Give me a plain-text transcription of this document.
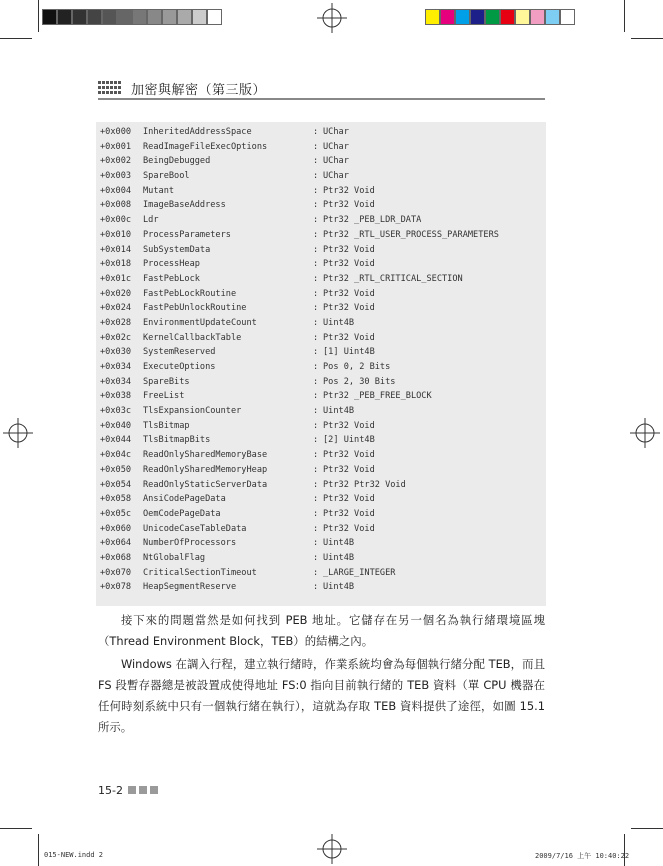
加密與解密（第三版）
+0x000 InheritedAddressSpace	: UChar
+0x001 ReadImageFileExecOptions	: UChar
+0x002 BeingDebugged	: UChar
+0x003 SpareBool	: UChar
+0x004 Mutant	: Ptr32 Void
+0x008 ImageBaseAddress	: Ptr32 Void
+0x00c Ldr	: Ptr32 _PEB_LDR_DATA
+0x010 ProcessParameters	: Ptr32 _RTL_USER_PROCESS_PARAMETERS
+0x014 SubSystemData	: Ptr32 Void
+0x018 ProcessHeap	: Ptr32 Void
+0x01c FastPebLock	: Ptr32 _RTL_CRITICAL_SECTION
+0x020 FastPebLockRoutine	: Ptr32 Void
+0x024 FastPebUnlockRoutine	: Ptr32 Void
+0x028 EnvironmentUpdateCount	: Uint4B
+0x02c KernelCallbackTable	: Ptr32 Void
+0x030 SystemReserved	: [1] Uint4B
+0x034 ExecuteOptions	: Pos 0, 2 Bits
+0x034 SpareBits	: Pos 2, 30 Bits
+0x038 FreeList	: Ptr32 _PEB_FREE_BLOCK
+0x03c TlsExpansionCounter	: Uint4B
+0x040 TlsBitmap	: Ptr32 Void
+0x044 TlsBitmapBits	: [2] Uint4B
+0x04c ReadOnlySharedMemoryBase	: Ptr32 Void
+0x050 ReadOnlySharedMemoryHeap	: Ptr32 Void
+0x054 ReadOnlyStaticServerData	: Ptr32 Ptr32 Void
+0x058 AnsiCodePageData	: Ptr32 Void
+0x05c OemCodePageData	: Ptr32 Void
+0x060 UnicodeCaseTableData	: Ptr32 Void
+0x064 NumberOfProcessors	: Uint4B
+0x068 NtGlobalFlag	: Uint4B
+0x070 CriticalSectionTimeout	: _LARGE_INTEGER
+0x078 HeapSegmentReserve	: Uint4B
接下來的問題當然是如何找到 PEB 地址。它儲存在另一個名為執行緒環境區塊（Thread Environment Block，TEB）的結構之內。
Windows 在調入行程，建立執行緒時，作業系統均會為每個執行緒分配 TEB，而且 FS 段暫存器總是被設置成使得地址 FS:0 指向目前執行緒的 TEB 資料（單 CPU 機器在任何時刻系統中只有一個執行緒在執行），這就為存取 TEB 資料提供了途徑，如圖 15.1 所示。
15-2
015-NEW.indd 2	2009/7/16 上午 10:40:22
